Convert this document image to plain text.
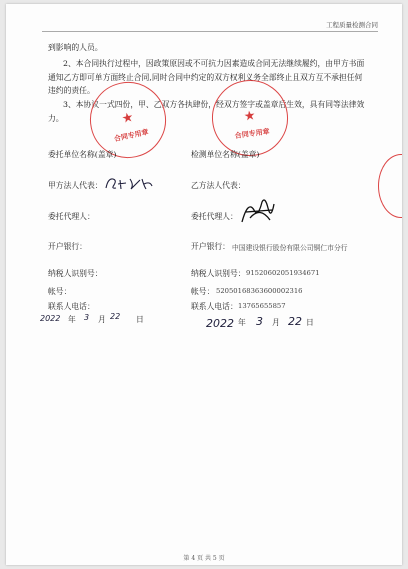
工程质量检测合同
到影响的人员。
2、本合同执行过程中，因政策原因或不可抗力因素造成合同无法继续履约，由甲方书面通知乙方即可单方面终止合同,同时合同中约定的双方权利义务全部终止且双方互不承担任何违约的责任。
3、本协议一式四份，甲、乙双方各执肆份，经双方签字或盖章后生效，具有同等法律效力。	★
合同专用章
★
合同专用章
委托单位名称(盖章)	检测单位名称(盖章)
甲方法人代表：	乙方法人代表：
委托代理人：	委托代理人：
开户银行：	开户银行： 中国建设银行股份有限公司铜仁市分行
纳税人识别号：	纳税人识别号： 91520602051934671
帐号：	帐号： 52050168363600002316
联系人电话：	联系人电话： 13765655857
2022 年 3 月 22 日	2022 年 3 月 22 日
第 4 页 共 5 页
